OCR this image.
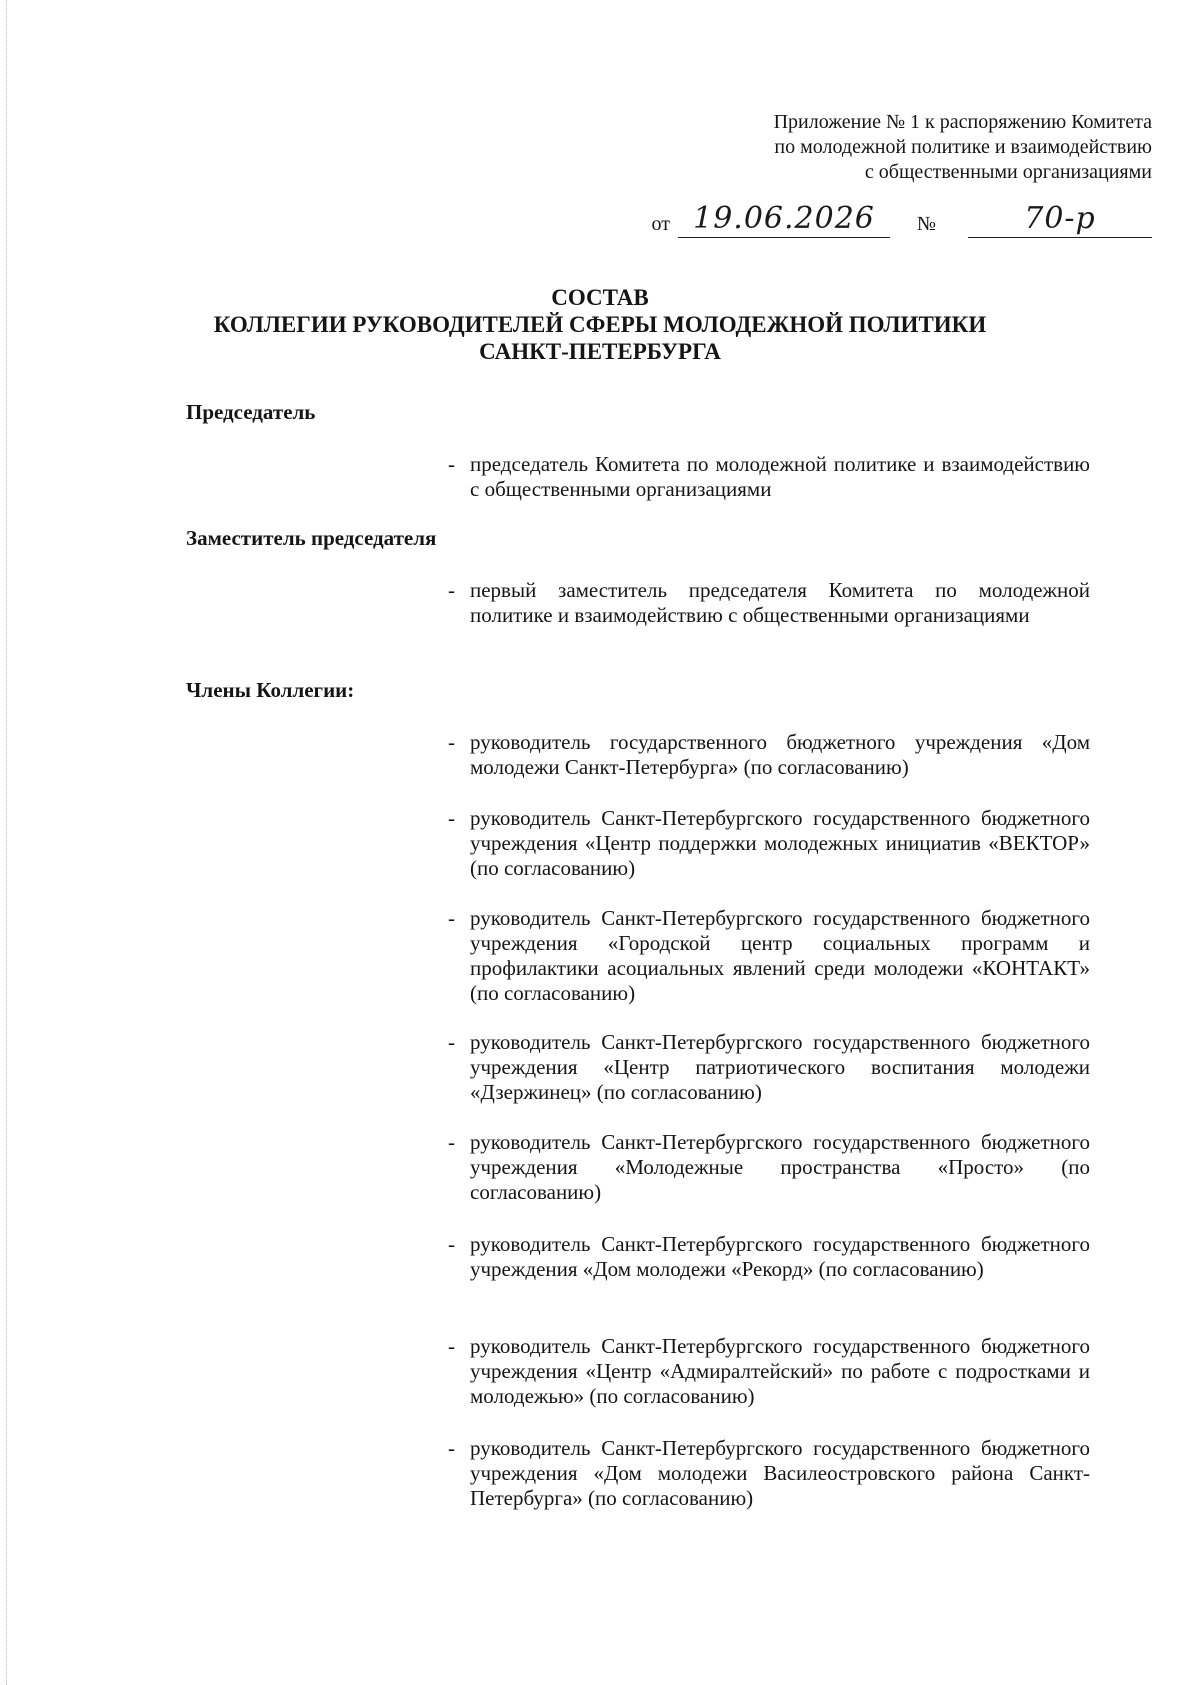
Приложение № 1 к распоряжению Комитета
по молодежной политике и взаимодействию
с общественными организациями
от 19.06.2026	№	70-р
СОСТАВ
КОЛЛЕГИИ РУКОВОДИТЕЛЕЙ СФЕРЫ МОЛОДЕЖНОЙ ПОЛИТИКИ
САНКТ-ПЕТЕРБУРГА
Председатель
- председатель Комитета по молодежной политике и взаимодействию с общественными организациями
Заместитель председателя
- первый заместитель председателя Комитета по молодежной политике и взаимодействию с общественными организациями
Члены Коллегии:
- руководитель государственного бюджетного учреждения «Дом молодежи Санкт-Петербурга» (по согласованию)
- руководитель Санкт-Петербургского государственного бюджетного учреждения «Центр поддержки молодежных инициатив «ВЕКТОР» (по согласованию)
- руководитель Санкт-Петербургского государственного бюджетного учреждения «Городской центр социальных программ и профилактики асоциальных явлений среди молодежи «КОНТАКТ» (по согласованию)
- руководитель Санкт-Петербургского государственного бюджетного учреждения «Центр патриотического воспитания молодежи «Дзержинец» (по согласованию)
- руководитель Санкт-Петербургского государственного бюджетного учреждения «Молодежные пространства «Просто» (по согласованию)
- руководитель Санкт-Петербургского государственного бюджетного учреждения «Дом молодежи «Рекорд» (по согласованию)
- руководитель Санкт-Петербургского государственного бюджетного учреждения «Центр «Адмиралтейский» по работе с подростками и молодежью» (по согласованию)
- руководитель Санкт-Петербургского государственного бюджетного учреждения «Дом молодежи Василеостровского района Санкт-Петербурга» (по согласованию)
